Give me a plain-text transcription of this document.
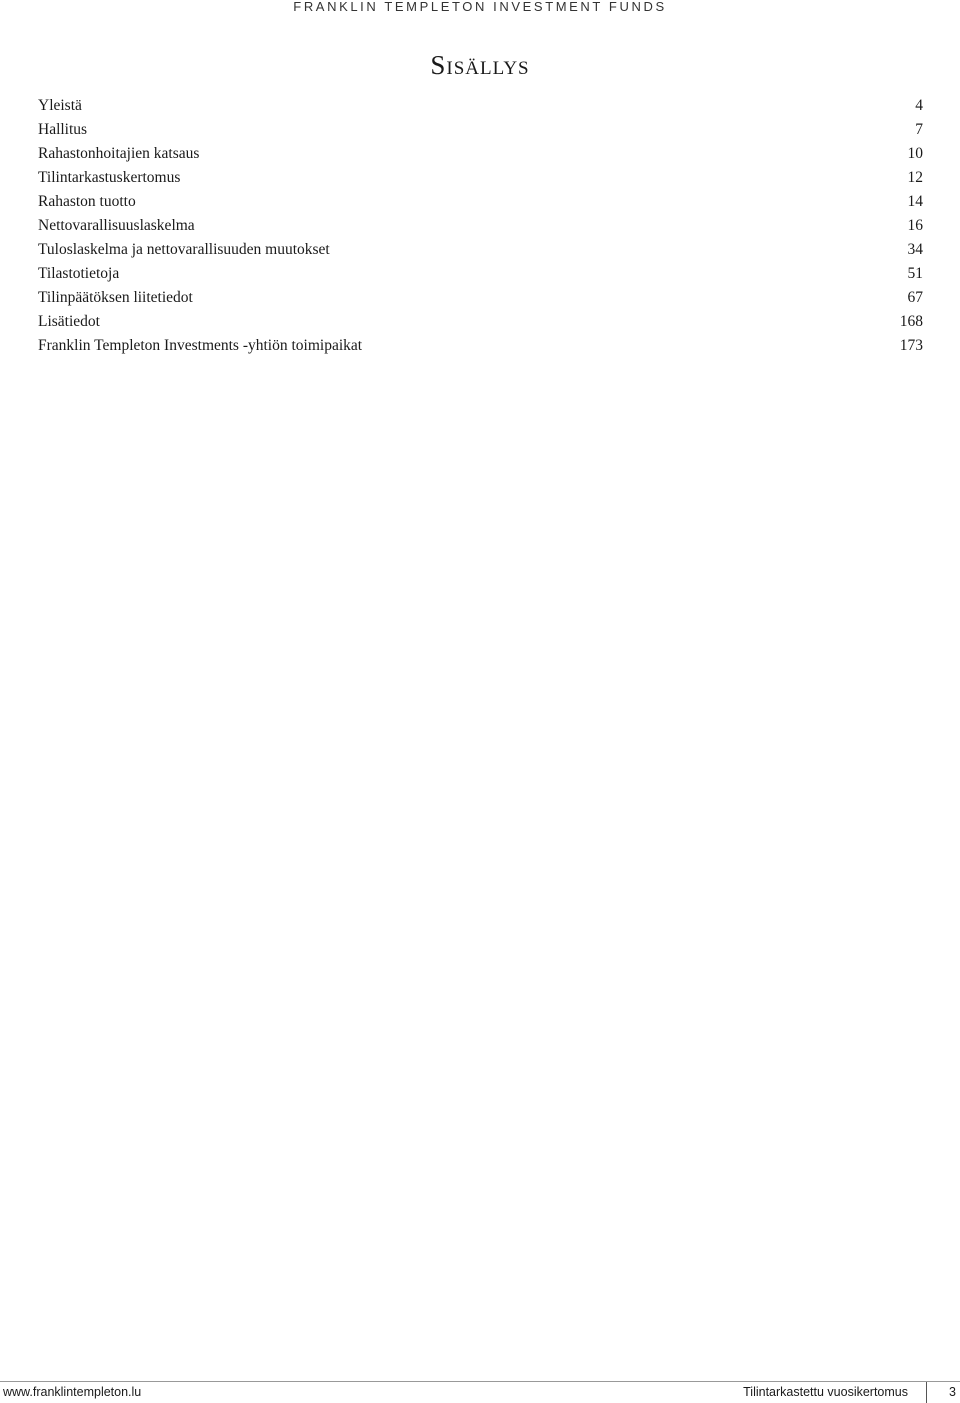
FRANKLIN TEMPLETON INVESTMENT FUNDS
Sisällys
Yleistä	4
Hallitus	7
Rahastonhoitajien katsaus	10
Tilintarkastuskertomus	12
Rahaston tuotto	14
Nettovarallisuuslaskelma	16
Tuloslaskelma ja nettovarallisuuden muutokset	34
Tilastotietoja	51
Tilinpäätöksen liitetiedot	67
Lisätiedot	168
Franklin Templeton Investments -yhtiön toimipaikat	173
www.franklintempleton.lu	Tilintarkastettu vuosikertomus	3
